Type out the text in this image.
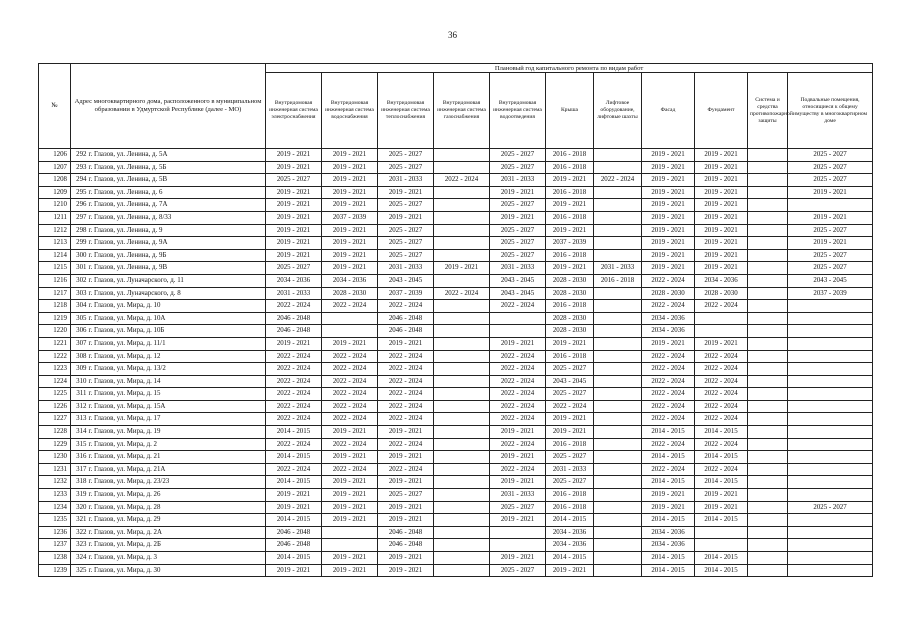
36
№	Адрес многоквартирного дома, расположенного в муниципальном образовании в Удмуртской Республике (далее - МО)		Плановый год капитального ремонта по видам работ										
			Внутридомовая инженерная система электроснабжения	Внутридомовая инженерная система водоснабжения	Внутридомовая инженерная система теплоснабжения	Внутридомовая инженерная система газоснабжения	Внутридомовая инженерная система водоотведения	Крыша	Лифтовое оборудование, лифтовые шахты	Фасад	Фундамент	Система и средства противопожарной защиты	Подвальные помещения, относящиеся к общему имуществу в многоквартирном доме
1206	292	г. Глазов, ул. Ленина, д. 5А	2019 - 2021	2019 - 2021	2025 - 2027		2025 - 2027	2016 - 2018		2019 - 2021	2019 - 2021		2025 - 2027
1207	293	г. Глазов, ул. Ленина, д. 5Б	2019 - 2021	2019 - 2021	2025 - 2027		2025 - 2027	2016 - 2018		2019 - 2021	2019 - 2021		2025 - 2027
1208	294	г. Глазов, ул. Ленина, д. 5В	2025 - 2027	2019 - 2021	2031 - 2033	2022 - 2024	2031 - 2033	2019 - 2021	2022 - 2024	2019 - 2021	2019 - 2021		2025 - 2027
1209	295	г. Глазов, ул. Ленина, д. 6	2019 - 2021	2019 - 2021	2019 - 2021		2019 - 2021	2016 - 2018		2019 - 2021	2019 - 2021		2019 - 2021
1210	296	г. Глазов, ул. Ленина, д. 7А	2019 - 2021	2019 - 2021	2025 - 2027		2025 - 2027	2019 - 2021		2019 - 2021	2019 - 2021		
1211	297	г. Глазов, ул. Ленина, д. 8/33	2019 - 2021	2037 - 2039	2019 - 2021		2019 - 2021	2016 - 2018		2019 - 2021	2019 - 2021		2019 - 2021
1212	298	г. Глазов, ул. Ленина, д. 9	2019 - 2021	2019 - 2021	2025 - 2027		2025 - 2027	2019 - 2021		2019 - 2021	2019 - 2021		2025 - 2027
1213	299	г. Глазов, ул. Ленина, д. 9А	2019 - 2021	2019 - 2021	2025 - 2027		2025 - 2027	2037 - 2039		2019 - 2021	2019 - 2021		2019 - 2021
1214	300	г. Глазов, ул. Ленина, д. 9Б	2019 - 2021	2019 - 2021	2025 - 2027		2025 - 2027	2016 - 2018		2019 - 2021	2019 - 2021		2025 - 2027
1215	301	г. Глазов, ул. Ленина, д. 9В	2025 - 2027	2019 - 2021	2031 - 2033	2019 - 2021	2031 - 2033	2019 - 2021	2031 - 2033	2019 - 2021	2019 - 2021		2025 - 2027
1216	302	г. Глазов, ул. Луначарского, д. 11	2034 - 2036	2034 - 2036	2043 - 2045		2043 - 2045	2028 - 2030	2016 - 2018	2022 - 2024	2034 - 2036		2043 - 2045
1217	303	г. Глазов, ул. Луначарского, д. 8	2031 - 2033	2028 - 2030	2037 - 2039	2022 - 2024	2043 - 2045	2028 - 2030		2028 - 2030	2028 - 2030		2037 - 2039
1218	304	г. Глазов, ул. Мира, д. 10	2022 - 2024	2022 - 2024	2022 - 2024		2022 - 2024	2016 - 2018		2022 - 2024	2022 - 2024		
1219	305	г. Глазов, ул. Мира, д. 10А	2046 - 2048		2046 - 2048			2028 - 2030		2034 - 2036			
1220	306	г. Глазов, ул. Мира, д. 10Б	2046 - 2048		2046 - 2048			2028 - 2030		2034 - 2036			
1221	307	г. Глазов, ул. Мира, д. 11/1	2019 - 2021	2019 - 2021	2019 - 2021		2019 - 2021	2019 - 2021		2019 - 2021	2019 - 2021		
1222	308	г. Глазов, ул. Мира, д. 12	2022 - 2024	2022 - 2024	2022 - 2024		2022 - 2024	2016 - 2018		2022 - 2024	2022 - 2024		
1223	309	г. Глазов, ул. Мира, д. 13/2	2022 - 2024	2022 - 2024	2022 - 2024		2022 - 2024	2025 - 2027		2022 - 2024	2022 - 2024		
1224	310	г. Глазов, ул. Мира, д. 14	2022 - 2024	2022 - 2024	2022 - 2024		2022 - 2024	2043 - 2045		2022 - 2024	2022 - 2024		
1225	311	г. Глазов, ул. Мира, д. 15	2022 - 2024	2022 - 2024	2022 - 2024		2022 - 2024	2025 - 2027		2022 - 2024	2022 - 2024		
1226	312	г. Глазов, ул. Мира, д. 15А	2022 - 2024	2022 - 2024	2022 - 2024		2022 - 2024	2022 - 2024		2022 - 2024	2022 - 2024		
1227	313	г. Глазов, ул. Мира, д. 17	2022 - 2024	2022 - 2024	2022 - 2024		2022 - 2024	2019 - 2021		2022 - 2024	2022 - 2024		
1228	314	г. Глазов, ул. Мира, д. 19	2014 - 2015	2019 - 2021	2019 - 2021		2019 - 2021	2019 - 2021		2014 - 2015	2014 - 2015		
1229	315	г. Глазов, ул. Мира, д. 2	2022 - 2024	2022 - 2024	2022 - 2024		2022 - 2024	2016 - 2018		2022 - 2024	2022 - 2024		
1230	316	г. Глазов, ул. Мира, д. 21	2014 - 2015	2019 - 2021	2019 - 2021		2019 - 2021	2025 - 2027		2014 - 2015	2014 - 2015		
1231	317	г. Глазов, ул. Мира, д. 21А	2022 - 2024	2022 - 2024	2022 - 2024		2022 - 2024	2031 - 2033		2022 - 2024	2022 - 2024		
1232	318	г. Глазов, ул. Мира, д. 23/23	2014 - 2015	2019 - 2021	2019 - 2021		2019 - 2021	2025 - 2027		2014 - 2015	2014 - 2015		
1233	319	г. Глазов, ул. Мира, д. 26	2019 - 2021	2019 - 2021	2025 - 2027		2031 - 2033	2016 - 2018		2019 - 2021	2019 - 2021		
1234	320	г. Глазов, ул. Мира, д. 28	2019 - 2021	2019 - 2021	2019 - 2021		2025 - 2027	2016 - 2018		2019 - 2021	2019 - 2021		2025 - 2027
1235	321	г. Глазов, ул. Мира, д. 29	2014 - 2015	2019 - 2021	2019 - 2021		2019 - 2021	2014 - 2015		2014 - 2015	2014 - 2015		
1236	322	г. Глазов, ул. Мира, д. 2А	2046 - 2048		2046 - 2048			2034 - 2036		2034 - 2036			
1237	323	г. Глазов, ул. Мира, д. 2Б	2046 - 2048		2046 - 2048			2034 - 2036		2034 - 2036			
1238	324	г. Глазов, ул. Мира, д. 3	2014 - 2015	2019 - 2021	2019 - 2021		2019 - 2021	2014 - 2015		2014 - 2015	2014 - 2015		
1239	325	г. Глазов, ул. Мира, д. 30	2019 - 2021	2019 - 2021	2019 - 2021		2025 - 2027	2019 - 2021		2014 - 2015	2014 - 2015		
